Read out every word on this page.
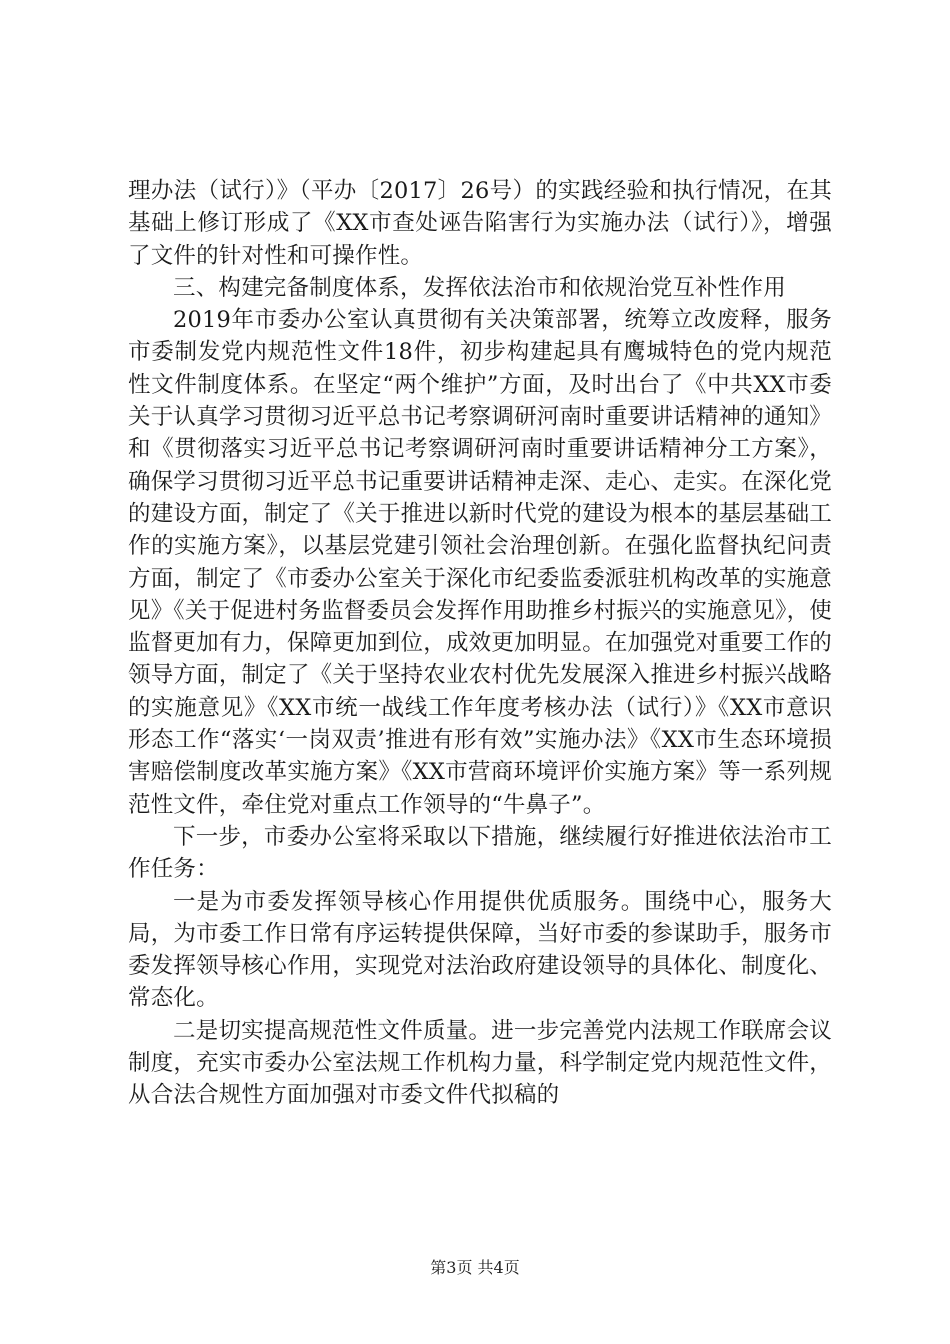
理办法（试行）》（平办〔2017〕26号）的实践经验和执行情况，在其基础上修订形成了《XX市查处诬告陷害行为实施办法（试行）》，增强了文件的针对性和可操作性。

三、构建完备制度体系，发挥依法治市和依规治党互补性作用

2019年市委办公室认真贯彻有关决策部署，统筹立改废释，服务市委制发党内规范性文件18件，初步构建起具有鹰城特色的党内规范性文件制度体系。在坚定“两个维护”方面，及时出台了《中共XX市委关于认真学习贯彻习近平总书记考察调研河南时重要讲话精神的通知》和《贯彻落实习近平总书记考察调研河南时重要讲话精神分工方案》，确保学习贯彻习近平总书记重要讲话精神走深、走心、走实。在深化党的建设方面，制定了《关于推进以新时代党的建设为根本的基层基础工作的实施方案》，以基层党建引领社会治理创新。在强化监督执纪问责方面，制定了《市委办公室关于深化市纪委监委派驻机构改革的实施意见》《关于促进村务监督委员会发挥作用助推乡村振兴的实施意见》，使监督更加有力，保障更加到位，成效更加明显。在加强党对重要工作的领导方面，制定了《关于坚持农业农村优先发展深入推进乡村振兴战略的实施意见》《XX市统一战线工作年度考核办法（试行）》《XX市意识形态工作“落实‘一岗双责’推进有形有效”实施办法》《XX市生态环境损害赔偿制度改革实施方案》《XX市营商环境评价实施方案》等一系列规范性文件，牵住党对重点工作领导的“牛鼻子”。

下一步，市委办公室将采取以下措施，继续履行好推进依法治市工作任务：

一是为市委发挥领导核心作用提供优质服务。围绕中心，服务大局，为市委工作日常有序运转提供保障，当好市委的参谋助手，服务市委发挥领导核心作用，实现党对法治政府建设领导的具体化、制度化、常态化。

二是切实提高规范性文件质量。进一步完善党内法规工作联席会议制度，充实市委办公室法规工作机构力量，科学制定党内规范性文件，从合法合规性方面加强对市委文件代拟稿的

第3页 共4页
